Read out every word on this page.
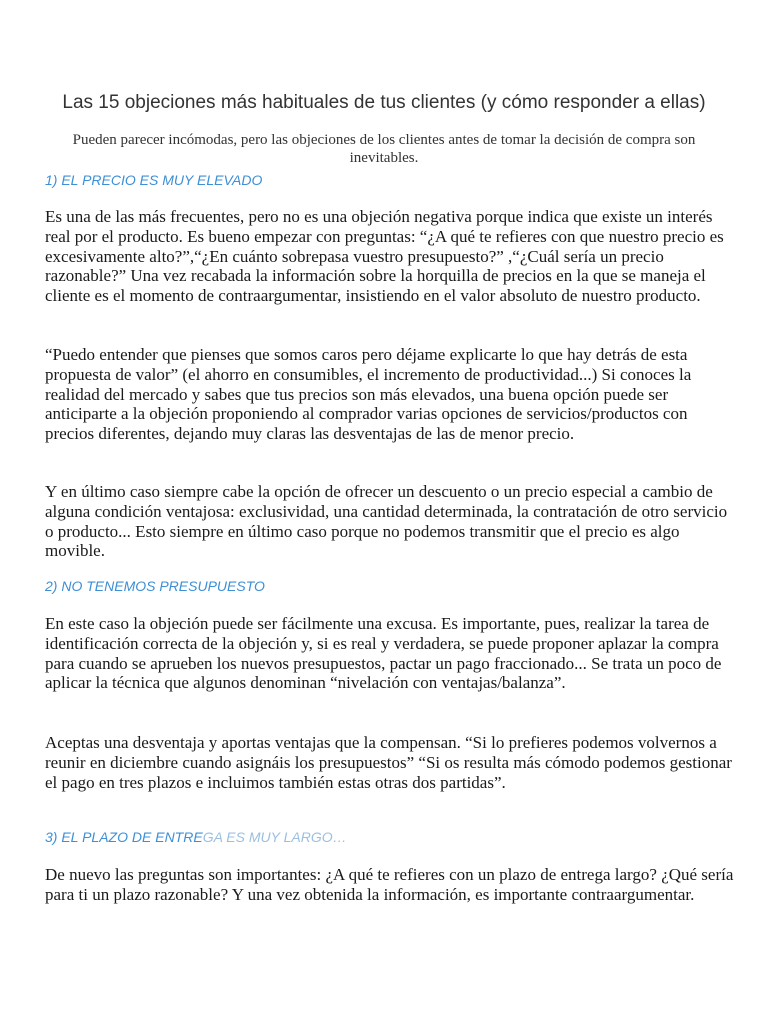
Las 15 objeciones más habituales de tus clientes (y cómo responder a ellas)

Pueden parecer incómodas, pero las objeciones de los clientes antes de tomar la decisión de compra son inevitables.

1) EL PRECIO ES MUY ELEVADO

Es una de las más frecuentes, pero no es una objeción negativa porque indica que existe un interés real por el producto. Es bueno empezar con preguntas: “¿A qué te refieres con que nuestro precio es excesivamente alto?”,“¿En cuánto sobrepasa vuestro presupuesto?” ,“¿Cuál sería un precio razonable?” Una vez recabada la información sobre la horquilla de precios en la que se maneja el cliente es el momento de contraargumentar, insistiendo en el valor absoluto de nuestro producto.

“Puedo entender que pienses que somos caros pero déjame explicarte lo que hay detrás de esta propuesta de valor” (el ahorro en consumibles, el incremento de productividad...) Si conoces la realidad del mercado y sabes que tus precios son más elevados, una buena opción puede ser anticiparte a la objeción proponiendo al comprador varias opciones de servicios/productos con precios diferentes, dejando muy claras las desventajas de las de menor precio.

Y en último caso siempre cabe la opción de ofrecer un descuento o un precio especial a cambio de alguna condición ventajosa: exclusividad, una cantidad determinada, la contratación de otro servicio o producto... Esto siempre en último caso porque no podemos transmitir que el precio es algo movible.

2) NO TENEMOS PRESUPUESTO

En este caso la objeción puede ser fácilmente una excusa. Es importante, pues, realizar la tarea de identificación correcta de la objeción y, si es real y verdadera, se puede proponer aplazar la compra para cuando se aprueben los nuevos presupuestos, pactar un pago fraccionado... Se trata un poco de aplicar la técnica que algunos denominan “nivelación con ventajas/balanza”.

Aceptas una desventaja y aportas ventajas que la compensan. “Si lo prefieres podemos volvernos a reunir en diciembre cuando asignáis los presupuestos” “Si os resulta más cómodo podemos gestionar el pago en tres plazos e incluimos también estas otras dos partidas”.

3) EL PLAZO DE ENTREGA ES MUY LARGO…

De nuevo las preguntas son importantes: ¿A qué te refieres con un plazo de entrega largo? ¿Qué sería para ti un plazo razonable? Y una vez obtenida la información, es importante contraargumentar.
